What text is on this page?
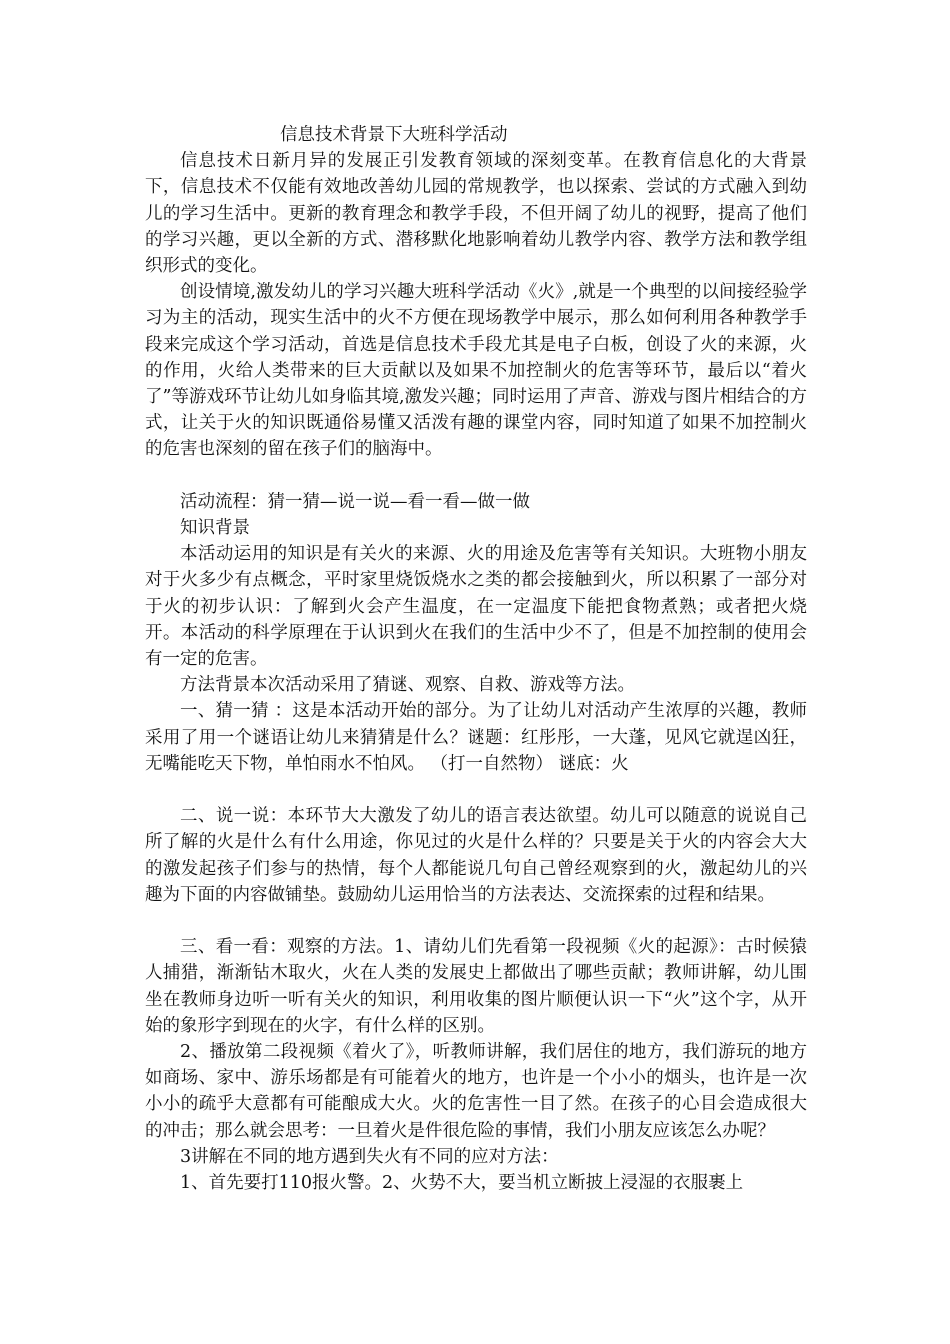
信息技术背景下大班科学活动

信息技术日新月异的发展正引发教育领域的深刻变革。在教育信息化的大背景下，信息技术不仅能有效地改善幼儿园的常规教学，也以探索、尝试的方式融入到幼儿的学习生活中。更新的教育理念和教学手段，不但开阔了幼儿的视野，提高了他们的学习兴趣，更以全新的方式、潜移默化地影响着幼儿教学内容、教学方法和教学组织形式的变化。

创设情境,激发幼儿的学习兴趣大班科学活动《火》,就是一个典型的以间接经验学习为主的活动，现实生活中的火不方便在现场教学中展示，那么如何利用各种教学手段来完成这个学习活动，首选是信息技术手段尤其是电子白板，创设了火的来源，火的作用，火给人类带来的巨大贡献以及如果不加控制火的危害等环节，最后以“着火了”等游戏环节让幼儿如身临其境,激发兴趣；同时运用了声音、游戏与图片相结合的方式，让关于火的知识既通俗易懂又活泼有趣的课堂内容，同时知道了如果不加控制火的危害也深刻的留在孩子们的脑海中。

活动流程：猜一猜—说一说—看一看—做一做

知识背景

本活动运用的知识是有关火的来源、火的用途及危害等有关知识。大班物小朋友对于火多少有点概念，平时家里烧饭烧水之类的都会接触到火，所以积累了一部分对于火的初步认识：了解到火会产生温度，在一定温度下能把食物煮熟；或者把火烧开。本活动的科学原理在于认识到火在我们的生活中少不了，但是不加控制的使用会有一定的危害。

方法背景本次活动采用了猜谜、观察、自救、游戏等方法。

一、猜一猜 ：这是本活动开始的部分。为了让幼儿对活动产生浓厚的兴趣，教师采用了用一个谜语让幼儿来猜猜是什么？谜题：红彤彤，一大蓬，见风它就逞凶狂，无嘴能吃天下物，单怕雨水不怕风。 （打一自然物） 谜底：火

二、说一说：本环节大大激发了幼儿的语言表达欲望。幼儿可以随意的说说自己所了解的火是什么有什么用途，你见过的火是什么样的？只要是关于火的内容会大大的激发起孩子们参与的热情，每个人都能说几句自己曾经观察到的火，激起幼儿的兴趣为下面的内容做铺垫。鼓励幼儿运用恰当的方法表达、交流探索的过程和结果。

三、看一看：观察的方法。1、请幼儿们先看第一段视频《火的起源》：古时候猿人捕猎，渐渐钻木取火，火在人类的发展史上都做出了哪些贡献；教师讲解，幼儿围坐在教师身边听一听有关火的知识，利用收集的图片顺便认识一下“火”这个字，从开始的象形字到现在的火字，有什么样的区别。

2、播放第二段视频《着火了》，听教师讲解，我们居住的地方，我们游玩的地方如商场、家中、游乐场都是有可能着火的地方，也许是一个小小的烟头，也许是一次小小的疏乎大意都有可能酿成大火。火的危害性一目了然。在孩子的心目会造成很大的冲击；那么就会思考：一旦着火是件很危险的事情，我们小朋友应该怎么办呢？

3讲解在不同的地方遇到失火有不同的应对方法：

1、首先要打110报火警。2、火势不大，要当机立断披上浸湿的衣服裹上
